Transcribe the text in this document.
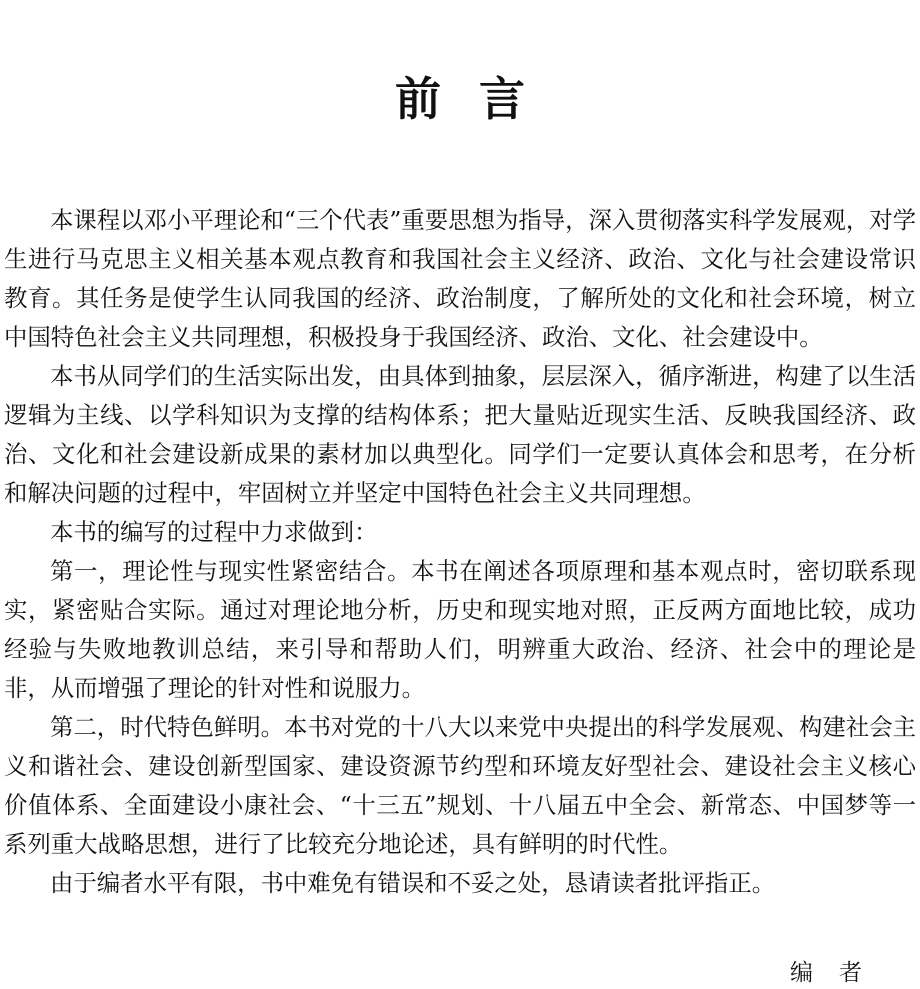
前言

本课程以邓小平理论和“三个代表”重要思想为指导，深入贯彻落实科学发展观，对学生进行马克思主义相关基本观点教育和我国社会主义经济、政治、文化与社会建设常识教育。其任务是使学生认同我国的经济、政治制度，了解所处的文化和社会环境，树立中国特色社会主义共同理想，积极投身于我国经济、政治、文化、社会建设中。

本书从同学们的生活实际出发，由具体到抽象，层层深入，循序渐进，构建了以生活逻辑为主线、以学科知识为支撑的结构体系；把大量贴近现实生活、反映我国经济、政治、文化和社会建设新成果的素材加以典型化。同学们一定要认真体会和思考，在分析和解决问题的过程中，牢固树立并坚定中国特色社会主义共同理想。

本书的编写的过程中力求做到：

第一，理论性与现实性紧密结合。本书在阐述各项原理和基本观点时，密切联系现实，紧密贴合实际。通过对理论地分析，历史和现实地对照，正反两方面地比较，成功经验与失败地教训总结，来引导和帮助人们，明辨重大政治、经济、社会中的理论是非，从而增强了理论的针对性和说服力。

第二，时代特色鲜明。本书对党的十八大以来党中央提出的科学发展观、构建社会主义和谐社会、建设创新型国家、建设资源节约型和环境友好型社会、建设社会主义核心价值体系、全面建设小康社会、“十三五”规划、十八届五中全会、新常态、中国梦等一系列重大战略思想，进行了比较充分地论述，具有鲜明的时代性。

由于编者水平有限，书中难免有错误和不妥之处，恳请读者批评指正。

编者
